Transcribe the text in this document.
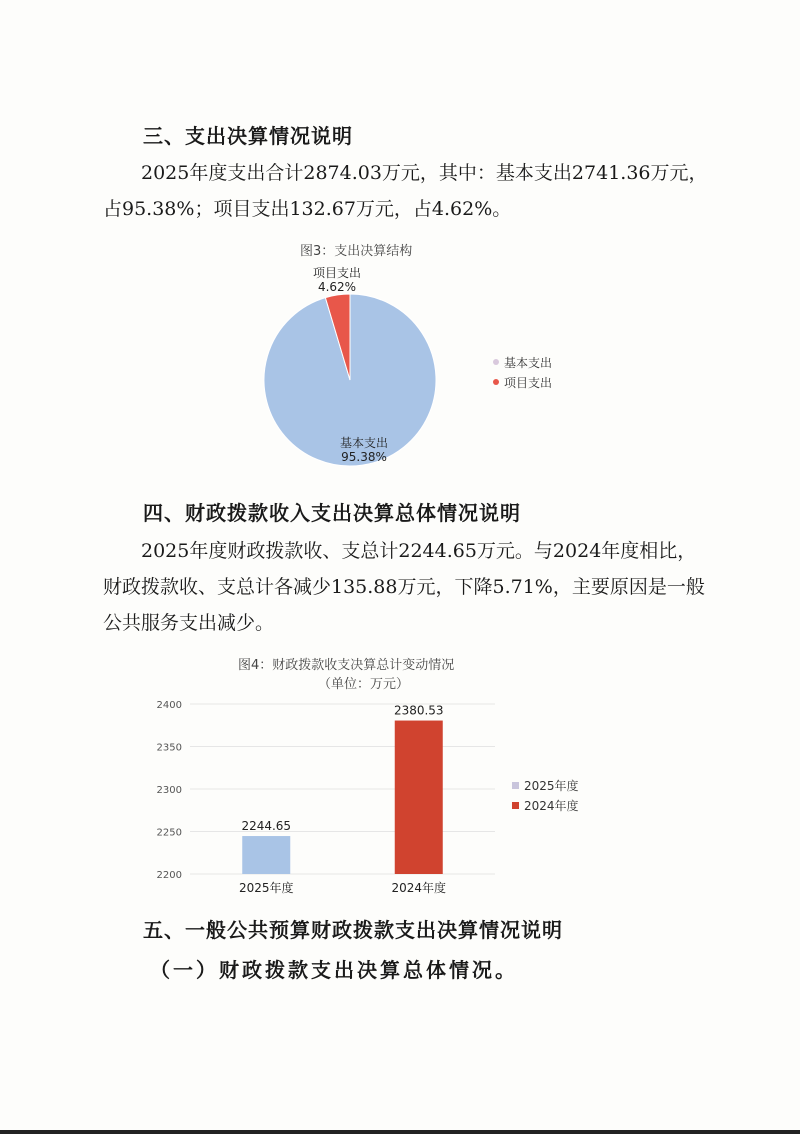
三、支出决算情况说明

2025年度支出合计2874.03万元，其中：基本支出2741.36万元，占95.38%；项目支出132.67万元，占4.62%。

图3：支出决算结构
项目支出
4.62%
基本支出
95.38%
基本支出
项目支出
四、财政拨款收入支出决算总体情况说明

2025年度财政拨款收、支总计2244.65万元。与2024年度相比，财政拨款收、支总计各减少135.88万元，下降5.71%，主要原因是一般公共服务支出减少。

图4：财政拨款收支决算总计变动情况
（单位：万元）
2200
2250
2300
2350
2400
2244.65
2025年度
2380.53
2024年度
2025年度
2024年度
五、一般公共预算财政拨款支出决算情况说明
（一）财政拨款支出决算总体情况。
